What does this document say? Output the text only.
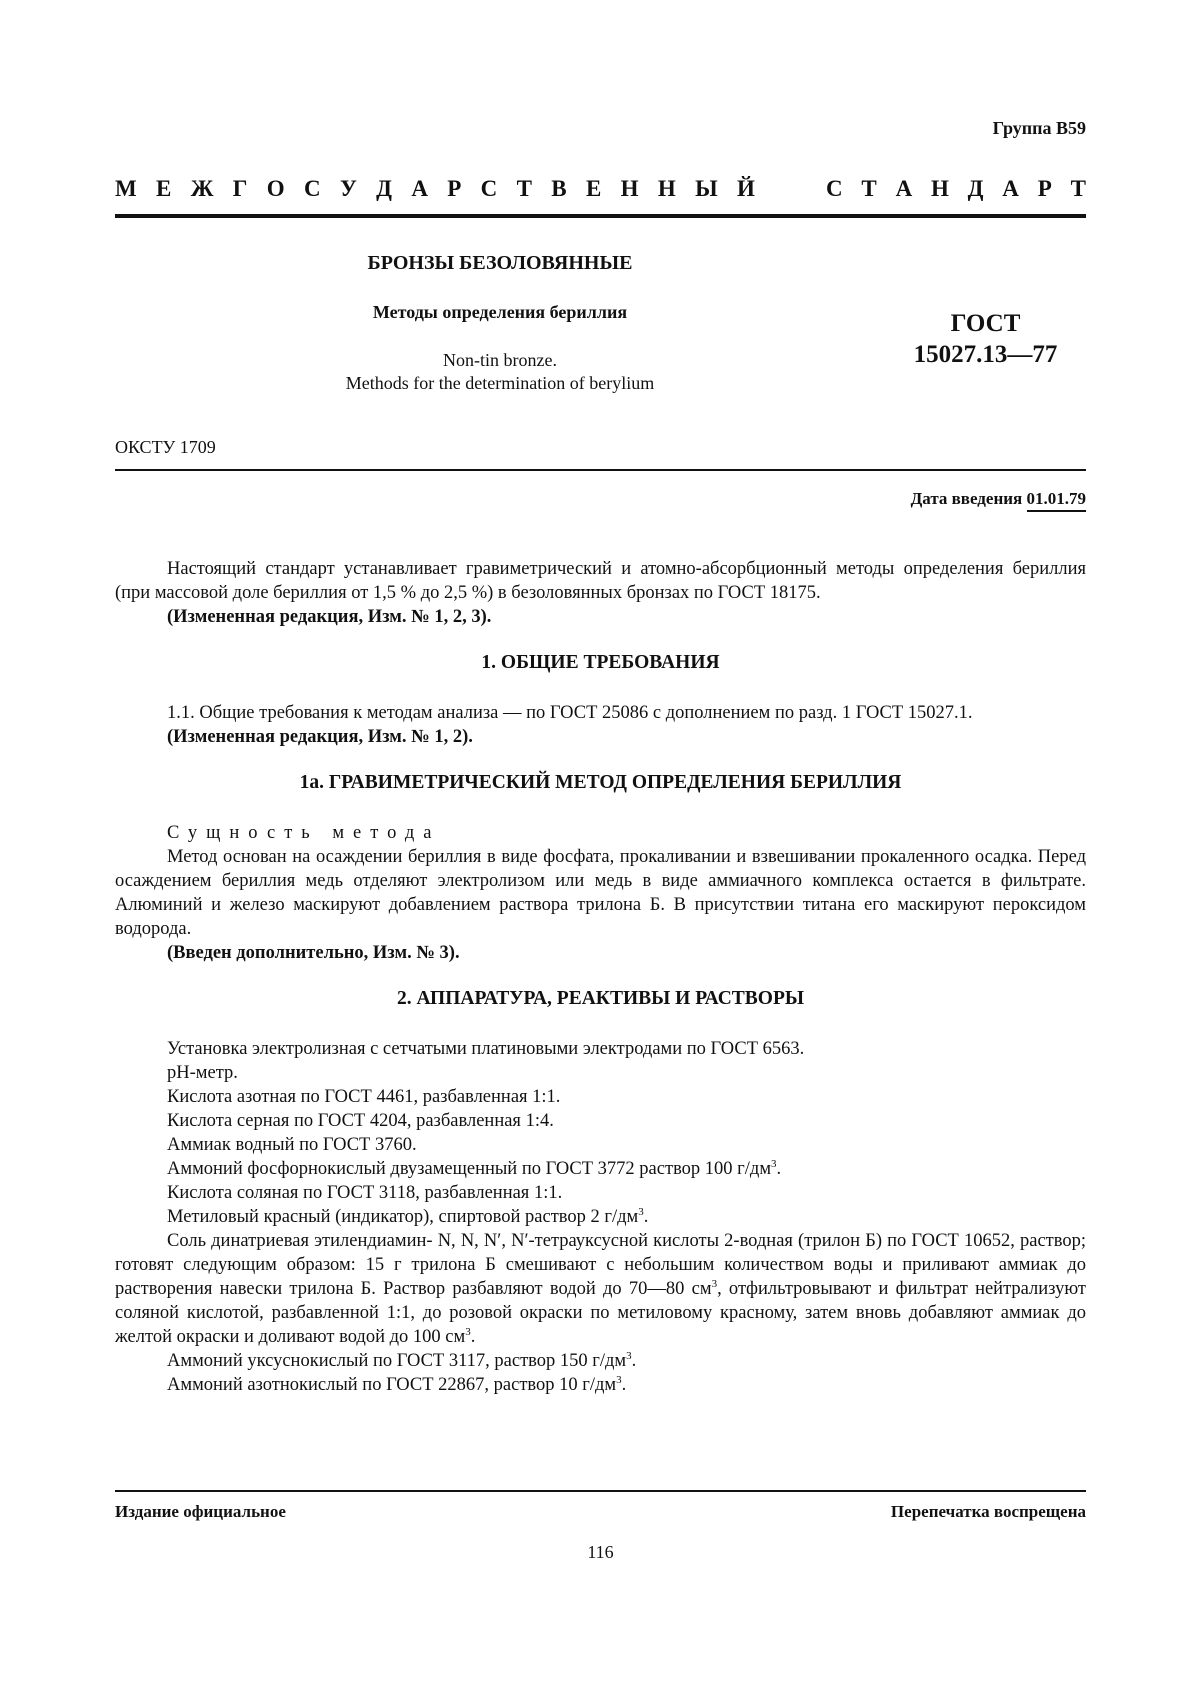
Группа В59
М Е Ж Г О С У Д А Р С Т В Е Н Н Ы Й	С Т А Н Д А Р Т
БРОНЗЫ БЕЗОЛОВЯННЫЕ
Методы определения бериллия
Non-tin bronze.
Methods for the determination of berylium
ГОСТ
15027.13—77
ОКСТУ 1709
Дата введения 01.01.79

Настоящий стандарт устанавливает гравиметрический и атомно-абсорбционный методы определения бериллия (при массовой доле бериллия от 1,5 % до 2,5 %) в безоловянных бронзах по ГОСТ 18175.

(Измененная редакция, Изм. № 1, 2, 3).

1. ОБЩИЕ ТРЕБОВАНИЯ

1.1. Общие требования к методам анализа — по ГОСТ 25086 с дополнением по разд. 1 ГОСТ 15027.1.

(Измененная редакция, Изм. № 1, 2).

1а. ГРАВИМЕТРИЧЕСКИЙ МЕТОД ОПРЕДЕЛЕНИЯ БЕРИЛЛИЯ

Сущность метода

Метод основан на осаждении бериллия в виде фосфата, прокаливании и взвешивании прокаленного осадка. Перед осаждением бериллия медь отделяют электролизом или медь в виде аммиачного комплекса остается в фильтрате. Алюминий и железо маскируют добавлением раствора трилона Б. В присутствии титана его маскируют пероксидом водорода.

(Введен дополнительно, Изм. № 3).

2. АППАРАТУРА, РЕАКТИВЫ И РАСТВОРЫ

Установка электролизная с сетчатыми платиновыми электродами по ГОСТ 6563.

pH-метр.

Кислота азотная по ГОСТ 4461, разбавленная 1:1.

Кислота серная по ГОСТ 4204, разбавленная 1:4.

Аммиак водный по ГОСТ 3760.

Аммоний фосфорнокислый двузамещенный по ГОСТ 3772 раствор 100 $г/дм^3$.

Кислота соляная по ГОСТ 3118, разбавленная 1:1.

Метиловый красный (индикатор), спиртовой раствор 2 $г/дм^3$.

Соль динатриевая этилендиамин- N, N, N′, N′-тетрауксусной кислоты 2-водная (трилон Б) по ГОСТ 10652, раствор; готовят следующим образом: 15 г трилона Б смешивают с небольшим количеством воды и приливают аммиак до растворения навески трилона Б. Раствор разбавляют водой до 70—80 $см^3$, отфильтровывают и фильтрат нейтрализуют соляной кислотой, разбавленной 1:1, до розовой окраски по метиловому красному, затем вновь добавляют аммиак до желтой окраски и доливают водой до 100 $см^3$.

Аммоний уксуснокислый по ГОСТ 3117, раствор 150 $г/дм^3$.

Аммоний азотнокислый по ГОСТ 22867, раствор 10 $г/дм^3$.

Издание официальное	Перепечатка воспрещена
116
